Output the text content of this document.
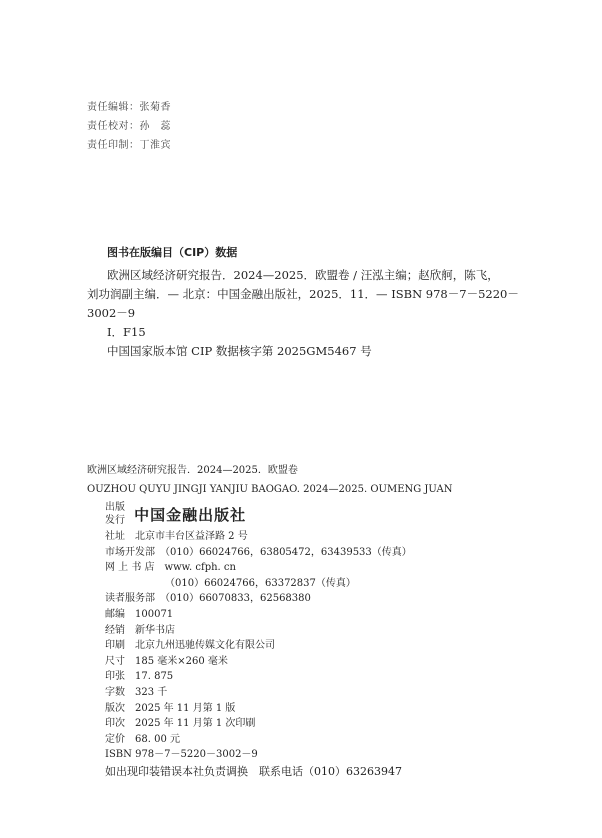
责任编辑：张菊香
责任校对：孙　蕊
责任印制：丁淮宾
图书在版编目（CIP）数据
欧洲区域经济研究报告．2024—2025．欧盟卷 / 汪泓主编；赵欣舸，陈飞，
刘功润副主编．— 北京：中国金融出版社，2025．11．— ISBN 978－7－5220－
3002－9
Ⅰ．F15
中国国家版本馆 CIP 数据核字第 2025GM5467 号
欧洲区域经济研究报告．2024—2025．欧盟卷
OUZHOU QUYU JINGJI YANJIU BAOGAO. 2024—2025. OUMENG JUAN
出版
发行 中国金融出版社
社址　 北京市丰台区益泽路 2 号
市场开发部　 （010）66024766，63805472，63439533（传真）
网 上 书 店　 www. cfph. cn
（010）66024766，63372837（传真）
读者服务部　 （010）66070833，62568380
邮编　 100071
经销　 新华书店
印刷　 北京九州迅驰传媒文化有限公司
尺寸　 185 毫米×260 毫米
印张　 17. 875
字数　 323 千
版次　 2025 年 11 月第 1 版
印次　 2025 年 11 月第 1 次印刷
定价　 68. 00 元
ISBN 978－7－5220－3002－9
如出现印装错误本社负责调换　联系电话（010）63263947
